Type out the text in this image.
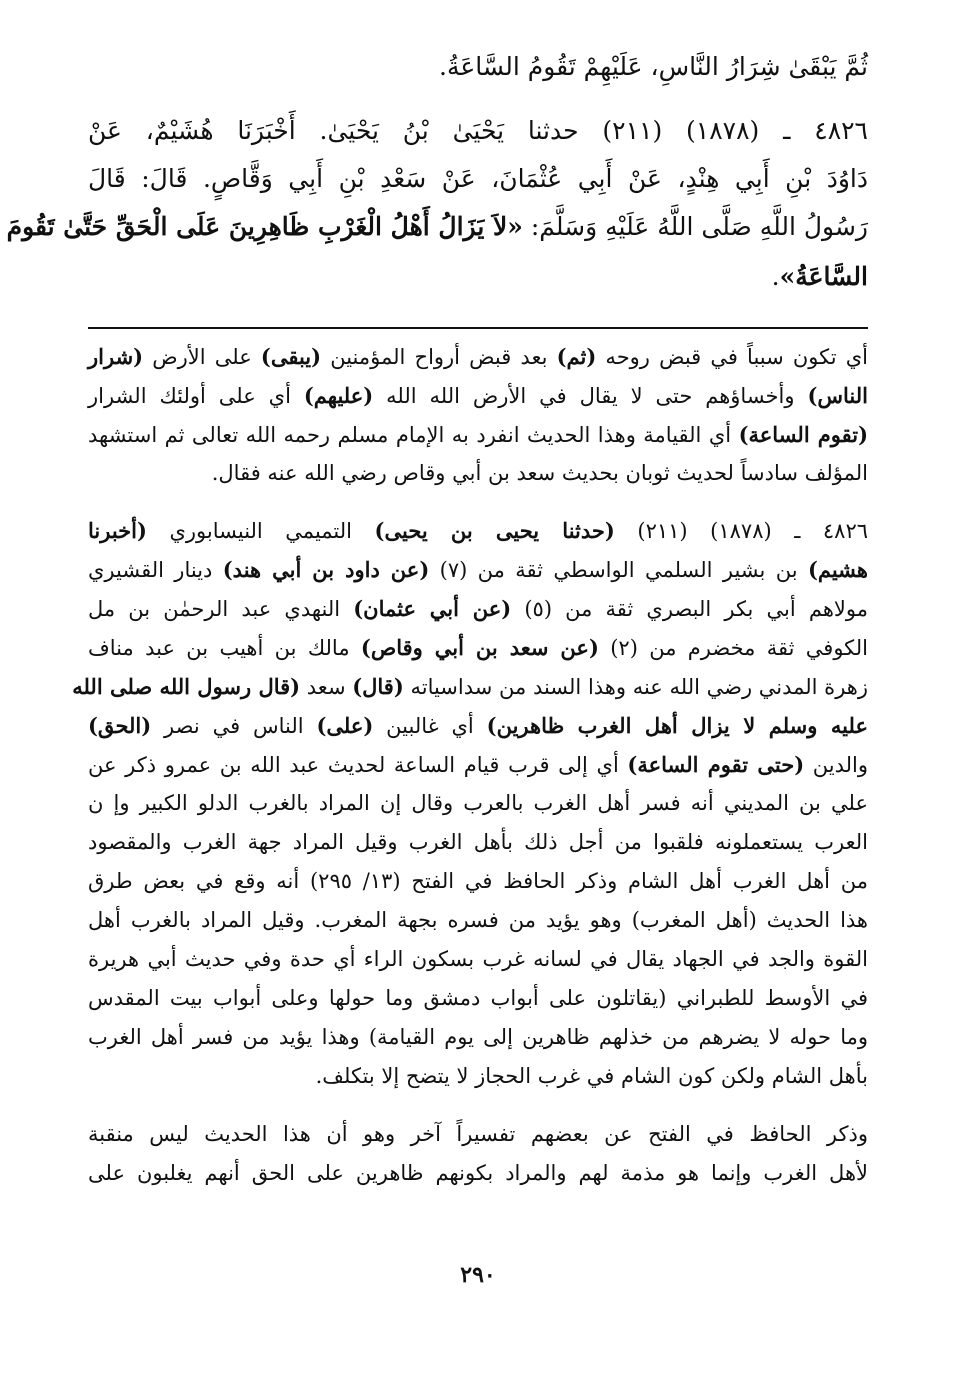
ثُمَّ يَبْقَىٰ شِرَارُ النَّاسِ، عَلَيْهِمْ تَقُومُ السَّاعَةُ.
٤٨٢٦ ـ (١٨٧٨) (٢١١) حدثنا يَحْيَىٰ بْنُ يَحْيَىٰ. أَخْبَرَنَا هُشَيْمٌ، عَنْ
دَاوُدَ بْنِ أَبِي هِنْدٍ، عَنْ أَبِي عُثْمَانَ، عَنْ سَعْدِ بْنِ أَبِي وَقَّاصٍ. قَالَ: قَالَ
رَسُولُ اللَّهِ صَلَّى اللَّهُ عَلَيْهِ وَسَلَّمَ: «لاَ يَزَالُ أَهْلُ الْغَرْبِ ظَاهِرِينَ عَلَى الْحَقِّ حَتَّىٰ تَقُومَ
السَّاعَةُ».
أي تكون سبباً في قبض روحه (ثم) بعد قبض أرواح المؤمنين (يبقى) على الأرض (شرار
الناس) وأخساؤهم حتى لا يقال في الأرض الله الله (عليهم) أي على أولئك الشرار
(تقوم الساعة) أي القيامة وهذا الحديث انفرد به الإمام مسلم رحمه الله تعالى ثم استشهد
المؤلف سادساً لحديث ثوبان بحديث سعد بن أبي وقاص رضي الله عنه فقال.
٤٨٢٦ ـ (١٨٧٨) (٢١١) (حدثنا يحيى بن يحيى) التميمي النيسابوري (أخبرنا
هشيم) بن بشير السلمي الواسطي ثقة من (٧) (عن داود بن أبي هند) دينار القشيري
مولاهم أبي بكر البصري ثقة من (٥) (عن أبي عثمان) النهدي عبد الرحمٰن بن مل
الكوفي ثقة مخضرم من (٢) (عن سعد بن أبي وقاص) مالك بن أهيب بن عبد مناف
زهرة المدني رضي الله عنه وهذا السند من سداسياته (قال) سعد (قال رسول الله صلى الله
عليه وسلم لا يزال أهل الغرب ظاهرين) أي غالبين (على) الناس في نصر (الحق)
والدين (حتى تقوم الساعة) أي إلى قرب قيام الساعة لحديث عبد الله بن عمرو ذكر عن
علي بن المديني أنه فسر أهل الغرب بالعرب وقال إن المراد بالغرب الدلو الكبير وإ ن
العرب يستعملونه فلقبوا من أجل ذلك بأهل الغرب وقيل المراد جهة الغرب والمقصود
من أهل الغرب أهل الشام وذكر الحافظ في الفتح (١٣/ ٢٩٥) أنه وقع في بعض طرق
هذا الحديث (أهل المغرب) وهو يؤيد من فسره بجهة المغرب. وقيل المراد بالغرب أهل
القوة والجد في الجهاد يقال في لسانه غرب بسكون الراء أي حدة وفي حديث أبي هريرة
في الأوسط للطبراني (يقاتلون على أبواب دمشق وما حولها وعلى أبواب بيت المقدس
وما حوله لا يضرهم من خذلهم ظاهرين إلى يوم القيامة) وهذا يؤيد من فسر أهل الغرب
بأهل الشام ولكن كون الشام في غرب الحجاز لا يتضح إلا بتكلف.
وذكر الحافظ في الفتح عن بعضهم تفسيراً آخر وهو أن هذا الحديث ليس منقبة
لأهل الغرب وإنما هو مذمة لهم والمراد بكونهم ظاهرين على الحق أنهم يغلبون على
٢٩٠
